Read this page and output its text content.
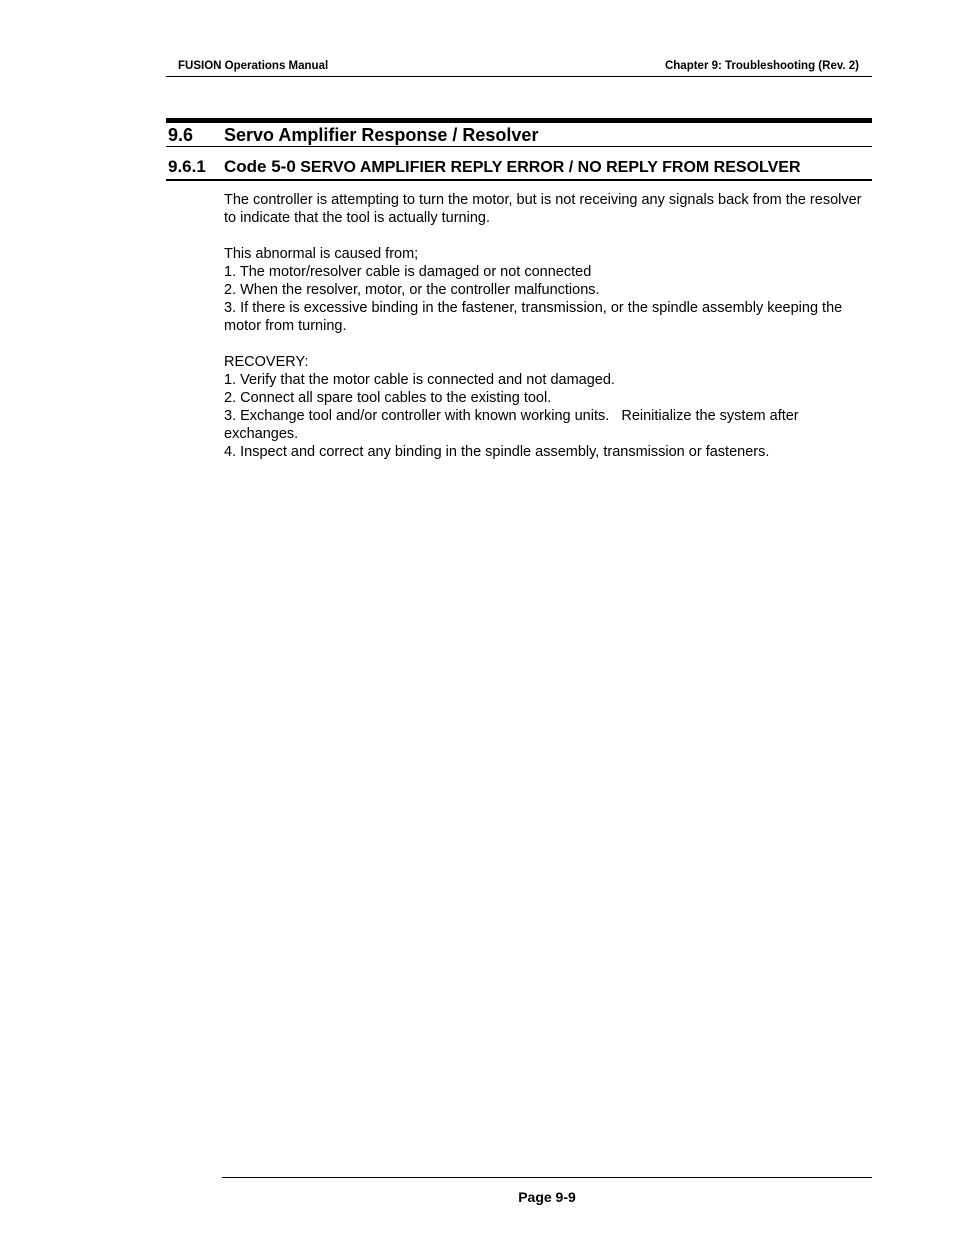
FUSION Operations Manual	Chapter 9: Troubleshooting (Rev. 2)
9.6 Servo Amplifier Response / Resolver
9.6.1 Code 5-0 SERVO AMPLIFIER REPLY ERROR / NO REPLY FROM RESOLVER

The controller is attempting to turn the motor, but is not receiving any signals back from the resolver to indicate that the tool is actually turning.

This abnormal is caused from;

1. The motor/resolver cable is damaged or not connected

2. When the resolver, motor, or the controller malfunctions.

3. If there is excessive binding in the fastener, transmission, or the spindle assembly keeping the motor from turning.

RECOVERY:

1. Verify that the motor cable is connected and not damaged.

2. Connect all spare tool cables to the existing tool.

3. Exchange tool and/or controller with known working units.   Reinitialize the system after exchanges.

4. Inspect and correct any binding in the spindle assembly, transmission or fasteners.

Page 9-9
